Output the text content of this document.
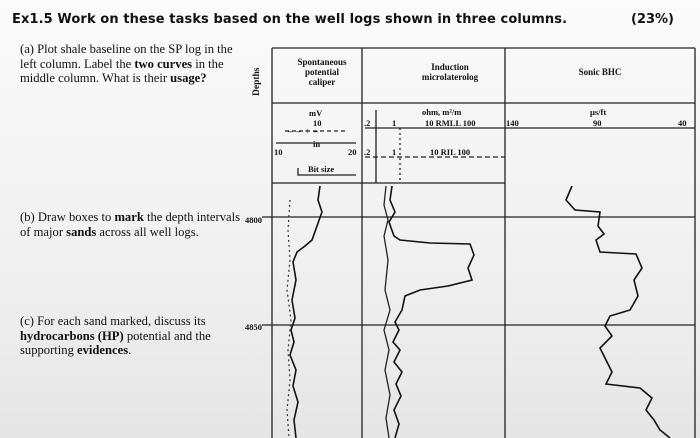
Ex1.5 Work on these tasks based on the well logs shown in three columns.	(23%)
(a) Plot shale baseline on the SP log in the left column. Label the two curves in the middle column. What is their usage?
(b) Draw boxes to mark the depth intervals of major sands across all well logs.
(c) For each sand marked, discuss its hydrocarbons (HP) potential and the supporting evidences.
Depths
4800
4850
Spontaneous
potential
caliper
mV
10
– – + –
in
10	20
Bit size
Induction
microlaterolog
ohm, m²/m
.2	1	10 RMLL 100
.2	1	10 RIL 100
Sonic BHC
μs/ft
140	90	40
